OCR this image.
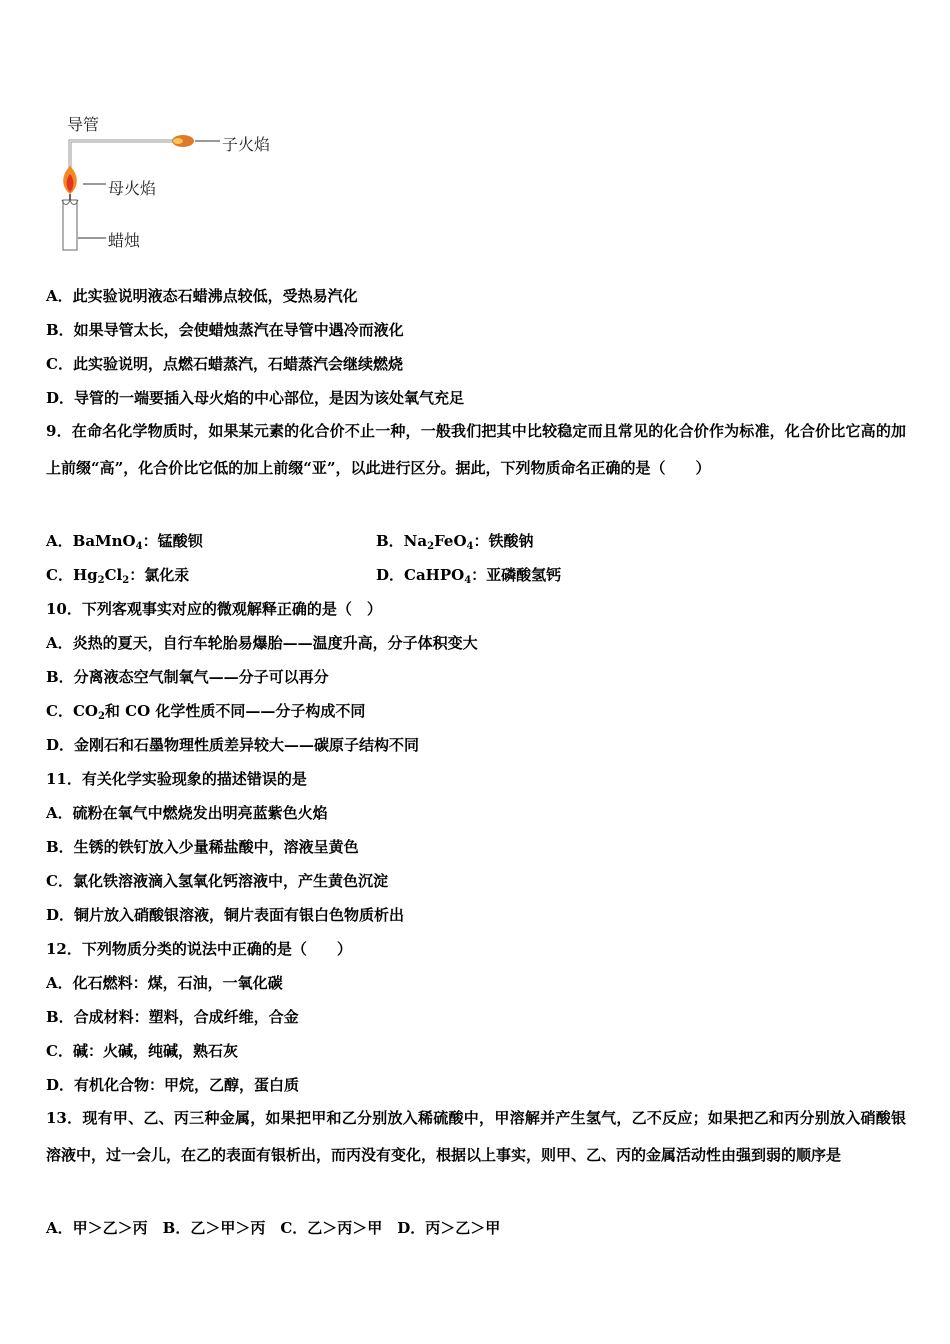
导管
子火焰
母火焰
蜡烛
A．此实验说明液态石蜡沸点较低，受热易汽化
B．如果导管太长，会使蜡烛蒸汽在导管中遇冷而液化
C．此实验说明，点燃石蜡蒸汽，石蜡蒸汽会继续燃烧
D．导管的一端要插入母火焰的中心部位，是因为该处氧气充足
9．在命名化学物质时，如果某元素的化合价不止一种，一般我们把其中比较稳定而且常见的化合价作为标准，化合价比它高的加上前缀“高”，化合价比它低的加上前缀“亚”，以此进行区分。据此，下列物质命名正确的是（　　）
A．BaMnO$_4$：锰酸钡	B．$Na_2FeO_4$：铁酸钠
C．$Hg_2Cl_2$：氯化汞	D．CaHPO$_4$：亚磷酸氢钙
10．下列客观事实对应的微观解释正确的是（　）
A．炎热的夏天，自行车轮胎易爆胎——温度升高，分子体积变大
B．分离液态空气制氧气——分子可以再分
C．$CO_2$和 CO 化学性质不同——分子构成不同
D．金刚石和石墨物理性质差异较大——碳原子结构不同
11．有关化学实验现象的描述错误的是
A．硫粉在氧气中燃烧发出明亮蓝紫色火焰
B．生锈的铁钉放入少量稀盐酸中，溶液呈黄色
C．氯化铁溶液滴入氢氧化钙溶液中，产生黄色沉淀
D．铜片放入硝酸银溶液，铜片表面有银白色物质析出
12．下列物质分类的说法中正确的是（　　）
A．化石燃料：煤，石油，一氧化碳
B．合成材料：塑料，合成纤维，合金
C．碱：火碱，纯碱，熟石灰
D．有机化合物：甲烷，乙醇，蛋白质
13．现有甲、乙、丙三种金属，如果把甲和乙分别放入稀硫酸中，甲溶解并产生氢气，乙不反应；如果把乙和丙分别放入硝酸银溶液中，过一会儿，在乙的表面有银析出，而丙没有变化，根据以上事实，则甲、乙、丙的金属活动性由强到弱的顺序是
A．甲＞乙＞丙　B．乙＞甲＞丙　C．乙＞丙＞甲　D．丙＞乙＞甲
